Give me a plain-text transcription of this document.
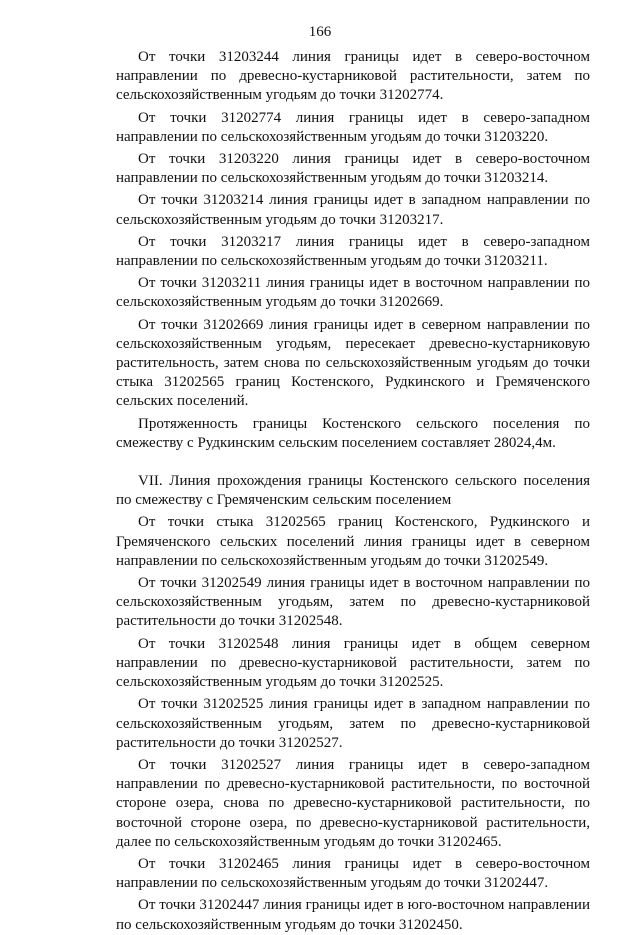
166

От точки 31203244 линия границы идет в северо-восточном направлении по древесно-кустарниковой растительности, затем по сельскохозяйственным угодьям до точки 31202774.

От точки 31202774 линия границы идет в северо-западном направлении по сельскохозяйственным угодьям до точки 31203220.

От точки 31203220 линия границы идет в северо-восточном направлении по сельскохозяйственным угодьям до точки 31203214.

От точки 31203214 линия границы идет в западном направлении по сельскохозяйственным угодьям до точки 31203217.

От точки 31203217 линия границы идет в северо-западном направлении по сельскохозяйственным угодьям до точки 31203211.

От точки 31203211 линия границы идет в восточном направлении по сельскохозяйственным угодьям до точки 31202669.

От точки 31202669 линия границы идет в северном направлении по сельскохозяйственным угодьям, пересекает древесно-кустарниковую растительность, затем снова по сельскохозяйственным угодьям до точки стыка 31202565 границ Костенского, Рудкинского и Гремяченского сельских поселений.

Протяженность границы Костенского сельского поселения по смежеству с Рудкинским сельским поселением составляет 28024,4м.

VII. Линия прохождения границы Костенского сельского поселения по смежеству с Гремяченским сельским поселением

От точки стыка 31202565 границ Костенского, Рудкинского и Гремяченского сельских поселений линия границы идет в северном направлении по сельскохозяйственным угодьям до точки 31202549.

От точки 31202549 линия границы идет в восточном направлении по сельскохозяйственным угодьям, затем по древесно-кустарниковой растительности до точки 31202548.

От точки 31202548 линия границы идет в общем северном направлении по древесно-кустарниковой растительности, затем по сельскохозяйственным угодьям до точки 31202525.

От точки 31202525 линия границы идет в западном направлении по сельскохозяйственным угодьям, затем по древесно-кустарниковой растительности до точки 31202527.

От точки 31202527 линия границы идет в северо-западном направлении по древесно-кустарниковой растительности, по восточной стороне озера, снова по древесно-кустарниковой растительности, по восточной стороне озера, по древесно-кустарниковой растительности, далее по сельскохозяйственным угодьям до точки 31202465.

От точки 31202465 линия границы идет в северо-восточном направлении по сельскохозяйственным угодьям до точки 31202447.

От точки 31202447 линия границы идет в юго-восточном направлении по сельскохозяйственным угодьям до точки 31202450.
